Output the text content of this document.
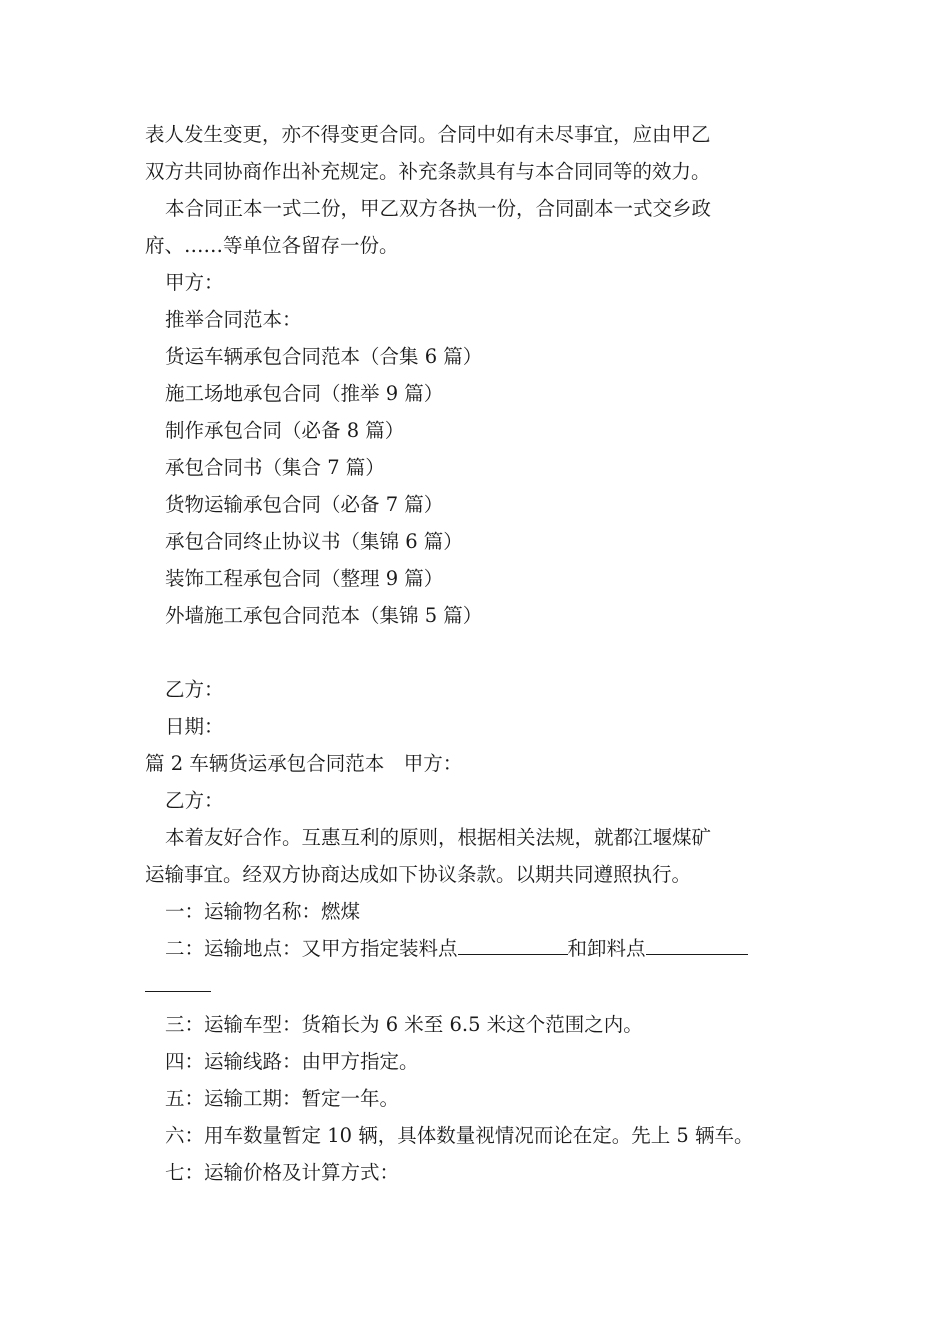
表人发生变更，亦不得变更合同。合同中如有未尽事宜，应由甲乙
双方共同协商作出补充规定。补充条款具有与本合同同等的效力。
本合同正本一式二份，甲乙双方各执一份，合同副本一式交乡政
府、……等单位各留存一份。
甲方：
推举合同范本：
货运车辆承包合同范本（合集 6 篇）
施工场地承包合同（推举 9 篇）
制作承包合同（必备 8 篇）
承包合同书（集合 7 篇）
货物运输承包合同（必备 7 篇）
承包合同终止协议书（集锦 6 篇）
装饰工程承包合同（整理 9 篇）
外墙施工承包合同范本（集锦 5 篇）
乙方：
日期：
篇 2 车辆货运承包合同范本　甲方：
乙方：
本着友好合作。互惠互利的原则，根据相关法规，就都江堰煤矿
运输事宜。经双方协商达成如下协议条款。以期共同遵照执行。
一：运输物名称：燃煤
二：运输地点：又甲方指定装料点	和卸料点
三：运输车型：货箱长为 6 米至 6.5 米这个范围之内。
四：运输线路：由甲方指定。
五：运输工期：暂定一年。
六：用车数量暂定 10 辆，具体数量视情况而论在定。先上 5 辆车。
七：运输价格及计算方式：
